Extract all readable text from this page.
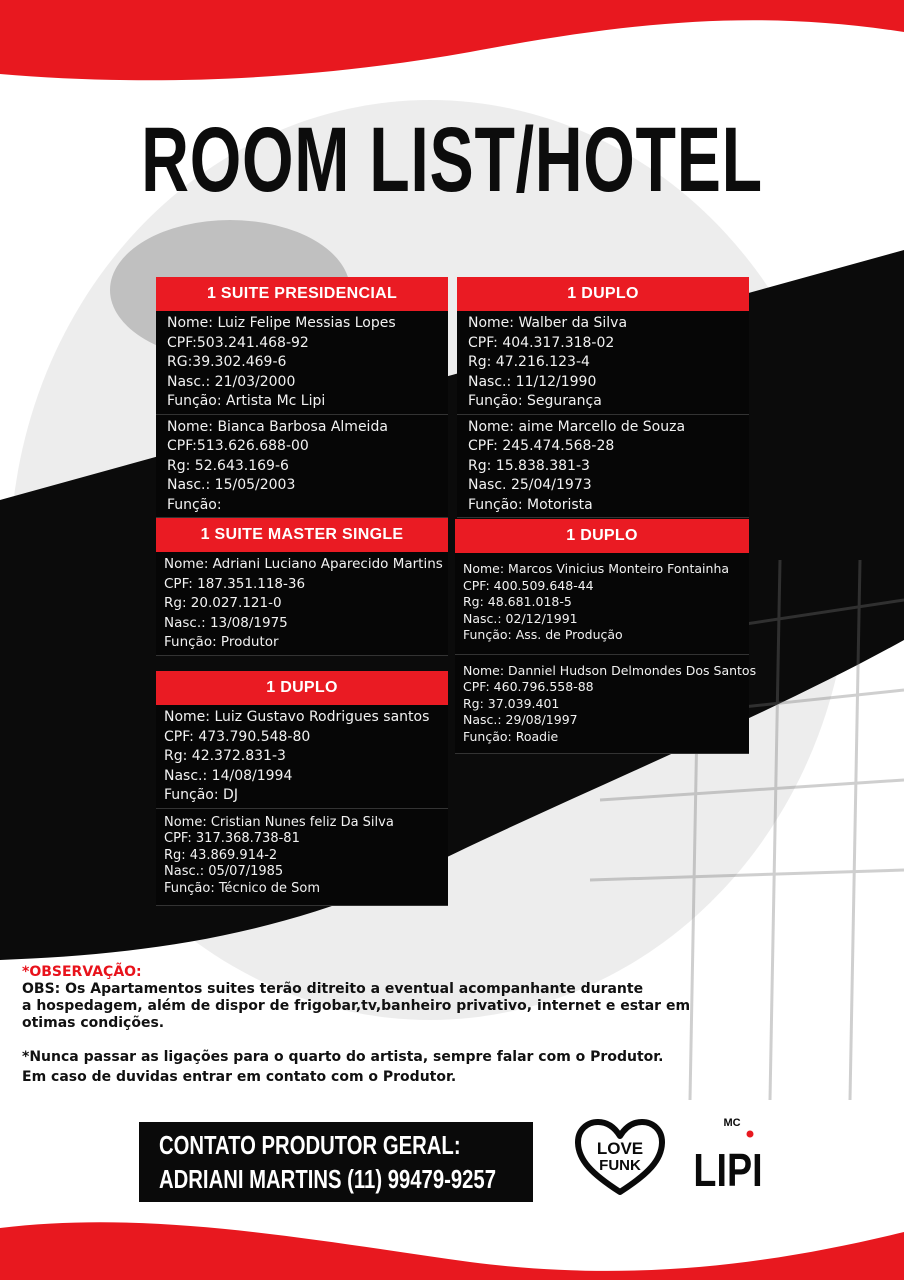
ROOM LIST/HOTEL
1 SUITE PRESIDENCIAL
Nome: Luiz Felipe Messias Lopes
CPF:503.241.468-92
RG:39.302.469-6
Nasc.: 21/03/2000
Função: Artista Mc Lipi
Nome: Bianca Barbosa Almeida
CPF:513.626.688-00
Rg: 52.643.169-6
Nasc.: 15/05/2003
Função:
1 DUPLO
Nome: Walber da Silva
CPF: 404.317.318-02
Rg: 47.216.123-4
Nasc.: 11/12/1990
Função: Segurança
Nome: aime Marcello de Souza
CPF: 245.474.568-28
Rg: 15.838.381-3
Nasc. 25/04/1973
Função: Motorista
1 SUITE MASTER SINGLE
Nome: Adriani Luciano Aparecido Martins
CPF: 187.351.118-36
Rg: 20.027.121-0
Nasc.: 13/08/1975
Função: Produtor
1 DUPLO
Nome: Marcos Vinicius Monteiro Fontainha
CPF: 400.509.648-44
Rg: 48.681.018-5
Nasc.: 02/12/1991
Função: Ass. de Produção
Nome: Danniel Hudson Delmondes Dos Santos
CPF: 460.796.558-88
Rg: 37.039.401
Nasc.: 29/08/1997
Função: Roadie
1 DUPLO
Nome: Luiz Gustavo Rodrigues santos
CPF: 473.790.548-80
Rg: 42.372.831-3
Nasc.: 14/08/1994
Função: DJ
Nome: Cristian Nunes feliz Da Silva
CPF: 317.368.738-81
Rg: 43.869.914-2
Nasc.: 05/07/1985
Função: Técnico de Som

*OBSERVAÇÃO:

OBS: Os Apartamentos suites terão ditreito a eventual acompanhante durante

a hospedagem, além de dispor de frigobar,tv,banheiro privativo, internet e estar em

otimas condições.

*Nunca passar as ligações para o quarto do artista, sempre falar com o Produtor.

Em caso de duvidas entrar em contato com o Produtor.

CONTATO PRODUTOR GERAL:
ADRIANI MARTINS (11) 99479-9257
LOVE
FUNK
MC
LIPI
